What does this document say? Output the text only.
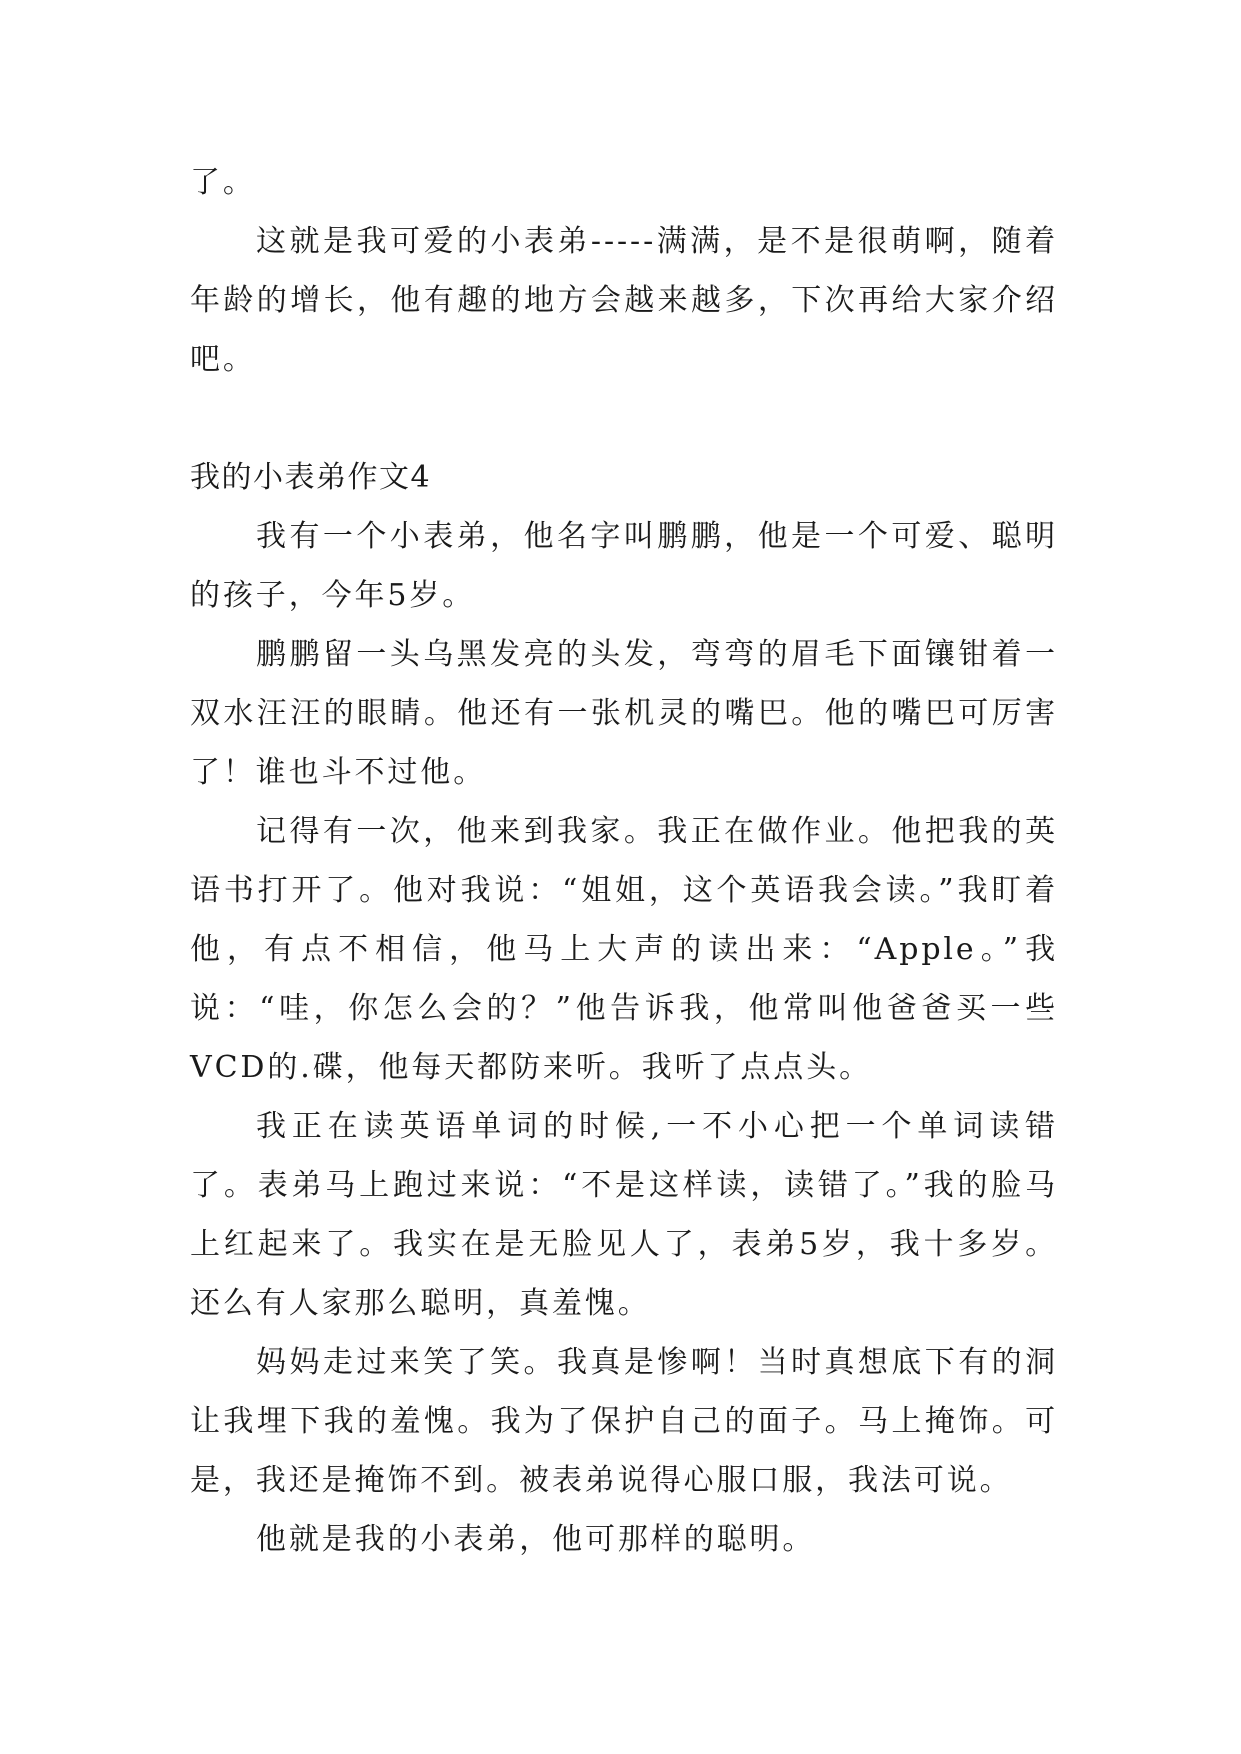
了。

这就是我可爱的小表弟-----满满，是不是很萌啊，随着年龄的增长，他有趣的地方会越来越多，下次再给大家介绍吧。

我的小表弟作文4

我有一个小表弟，他名字叫鹏鹏，他是一个可爱、聪明的孩子，今年5岁。

鹏鹏留一头乌黑发亮的头发，弯弯的眉毛下面镶钳着一双水汪汪的眼睛。他还有一张机灵的嘴巴。他的嘴巴可厉害了！谁也斗不过他。

记得有一次，他来到我家。我正在做作业。他把我的英语书打开了。他对我说：“姐姐，这个英语我会读。”我盯着他，有点不相信，他马上大声的读出来：“Apple。”我说：“哇，你怎么会的？”他告诉我，他常叫他爸爸买一些VCD的.碟，他每天都防来听。我听了点点头。

我正在读英语单词的时候,一不小心把一个单词读错了。表弟马上跑过来说：“不是这样读，读错了。”我的脸马上红起来了。我实在是无脸见人了，表弟5岁，我十多岁。还么有人家那么聪明，真羞愧。

妈妈走过来笑了笑。我真是惨啊！当时真想底下有的洞让我埋下我的羞愧。我为了保护自己的面子。马上掩饰。可是，我还是掩饰不到。被表弟说得心服口服，我法可说。

他就是我的小表弟，他可那样的聪明。
